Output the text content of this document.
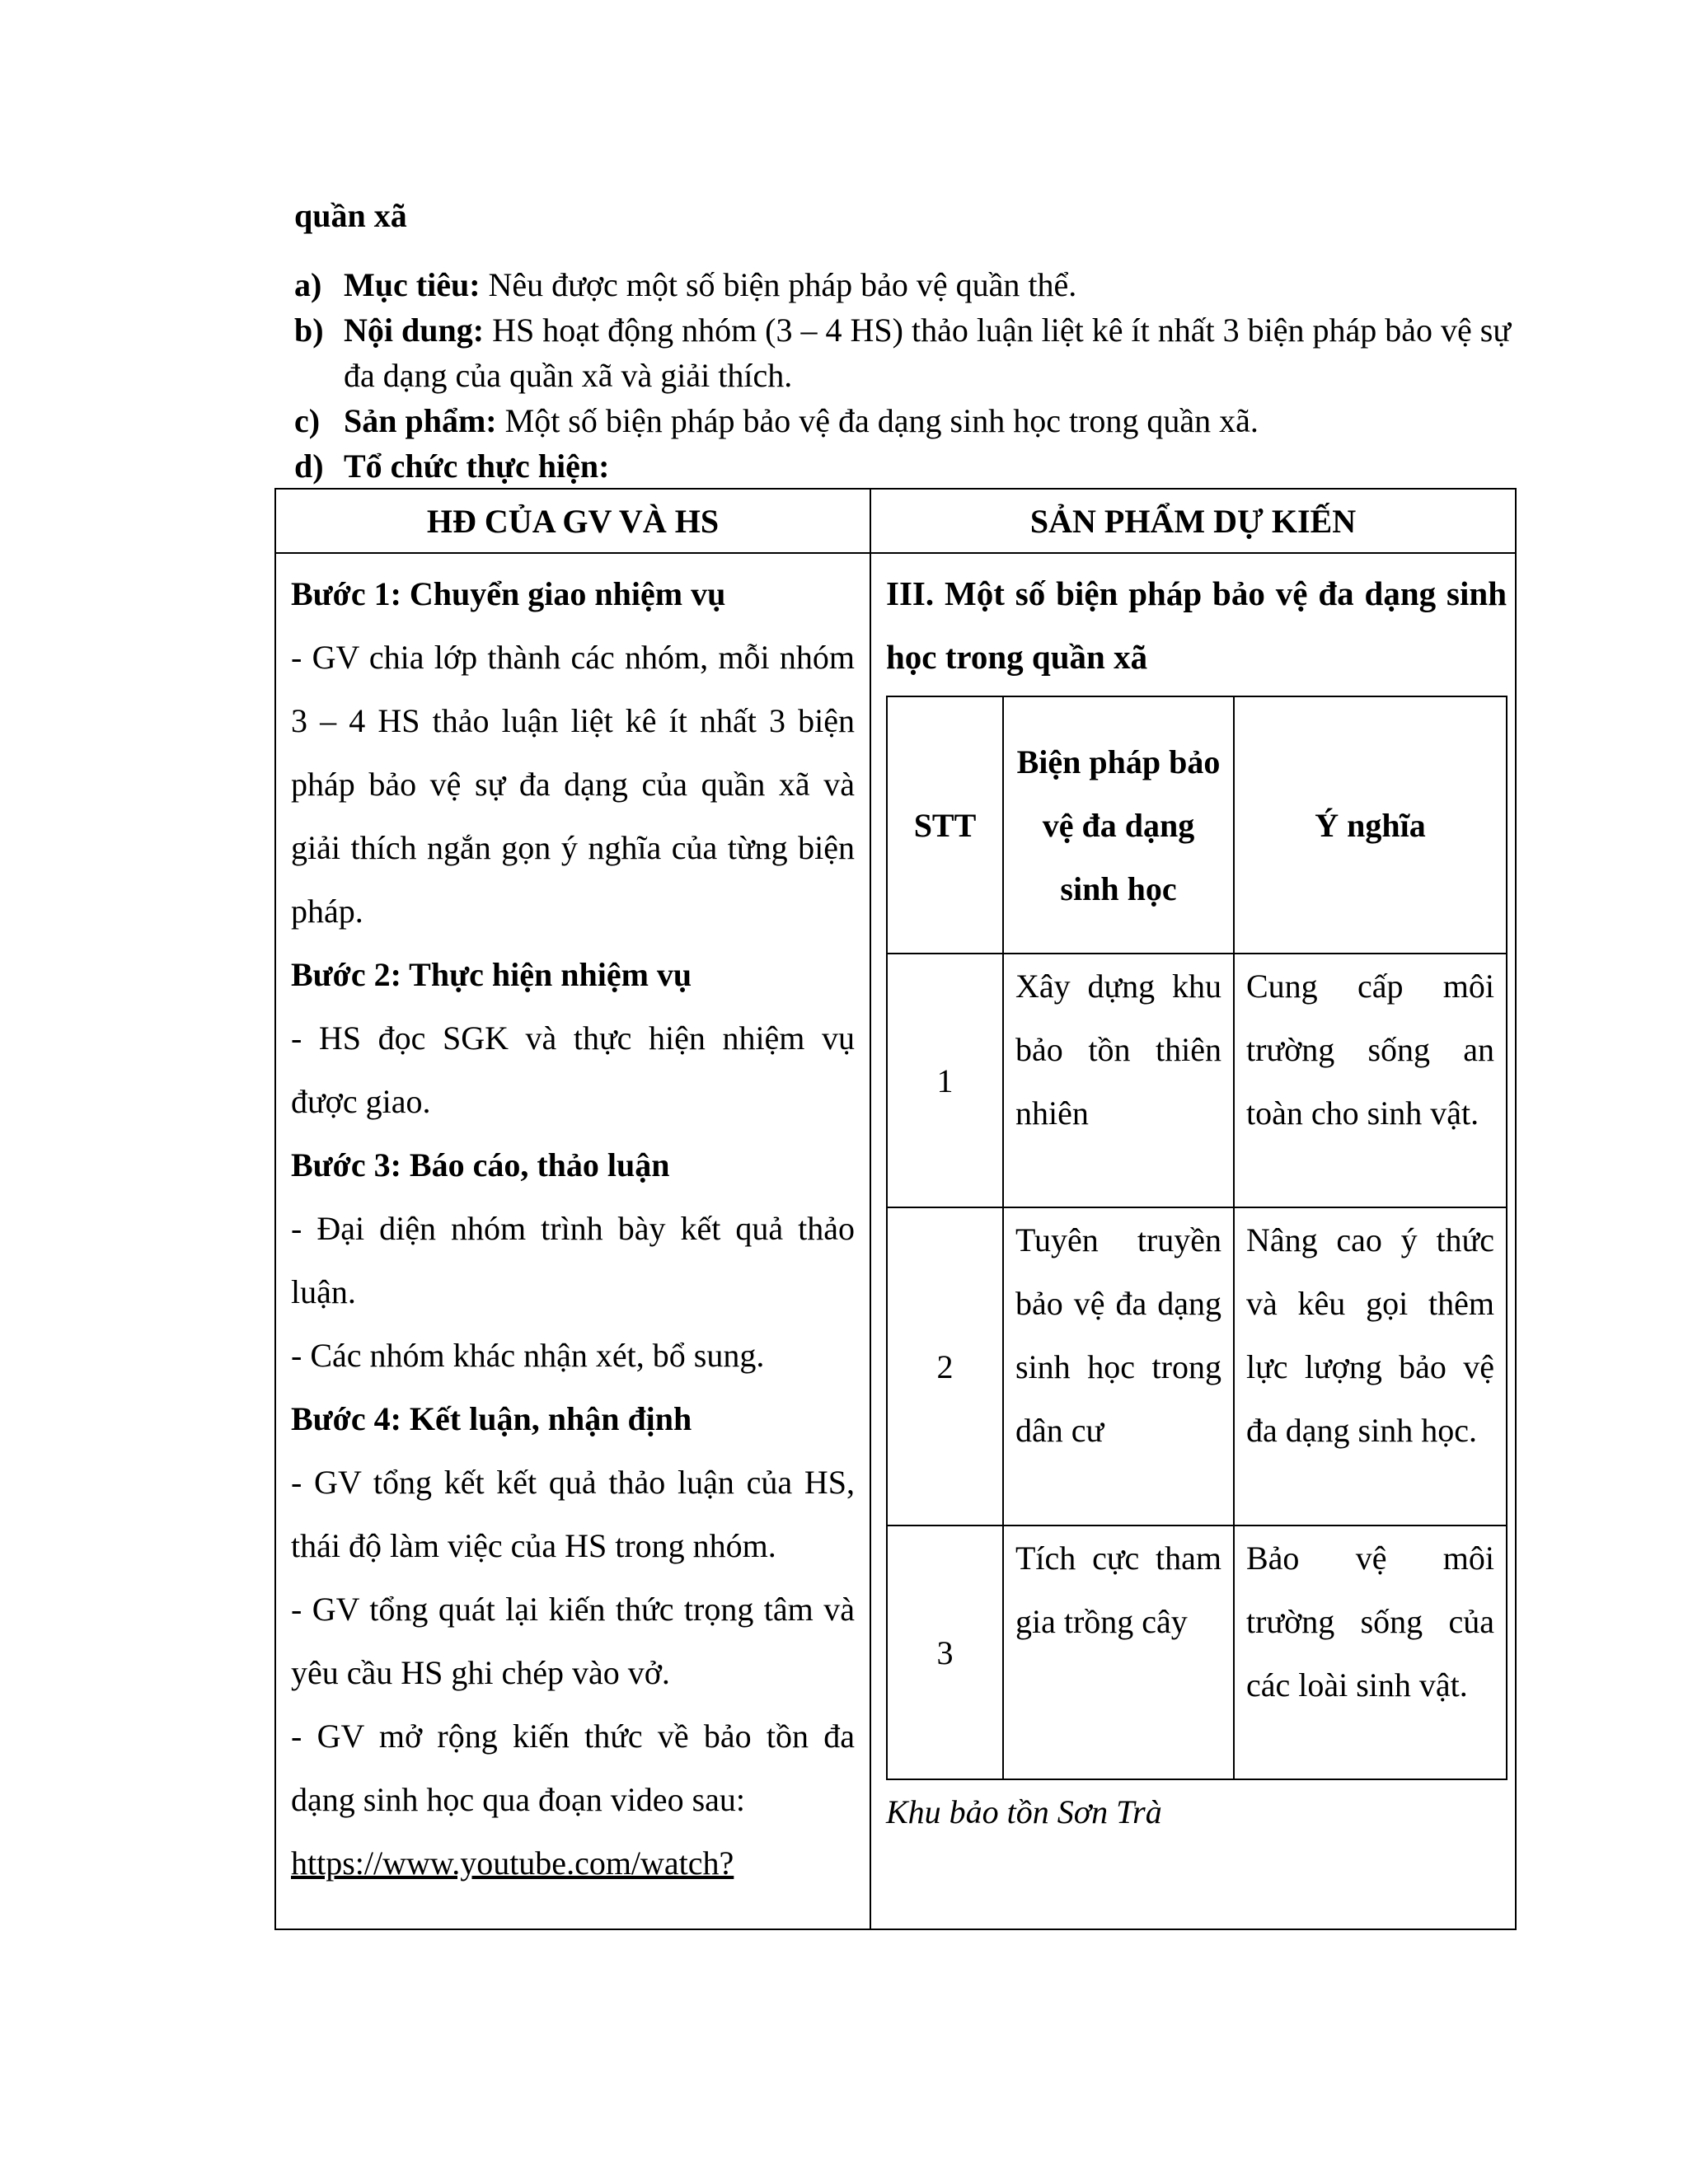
quần xã
a) Mục tiêu: Nêu được một số biện pháp bảo vệ quần thể.
b) Nội dung: HS hoạt động nhóm (3 – 4 HS) thảo luận liệt kê ít nhất 3 biện pháp bảo vệ sự đa dạng của quần xã và giải thích.
c) Sản phẩm: Một số biện pháp bảo vệ đa dạng sinh học trong quần xã.
d) Tổ chức thực hiện:
HĐ CỦA GV VÀ HS	SẢN PHẨM DỰ KIẾN

Bước 1: Chuyển giao nhiệm vụ
- GV chia lớp thành các nhóm, mỗi nhóm 3 – 4 HS thảo luận liệt kê ít nhất 3 biện pháp bảo vệ sự đa dạng của quần xã và giải thích ngắn gọn ý nghĩa của từng biện pháp.
Bước 2: Thực hiện nhiệm vụ
- HS đọc SGK và thực hiện nhiệm vụ được giao.
Bước 3: Báo cáo, thảo luận
- Đại diện nhóm trình bày kết quả thảo luận.
- Các nhóm khác nhận xét, bổ sung.
Bước 4: Kết luận, nhận định
- GV tổng kết kết quả thảo luận của HS, thái độ làm việc của HS trong nhóm.
- GV tổng quát lại kiến thức trọng tâm và yêu cầu HS ghi chép vào vở.
- GV mở rộng kiến thức về bảo tồn đa dạng sinh học qua đoạn video sau:
https://www.youtube.com/watch?

III. Một số biện pháp bảo vệ đa dạng sinh học trong quần xã
STT	Biện pháp bảo vệ đa dạng sinh học	Ý nghĩa
1	Xây dựng khu bảo tồn thiên nhiên	Cung cấp môi trường sống an toàn cho sinh vật.
2	Tuyên truyền bảo vệ đa dạng sinh học trong dân cư	Nâng cao ý thức và kêu gọi thêm lực lượng bảo vệ đa dạng sinh học.
3	Tích cực tham gia trồng cây	Bảo vệ môi trường sống của các loài sinh vật.
Khu bảo tồn Sơn Trà
